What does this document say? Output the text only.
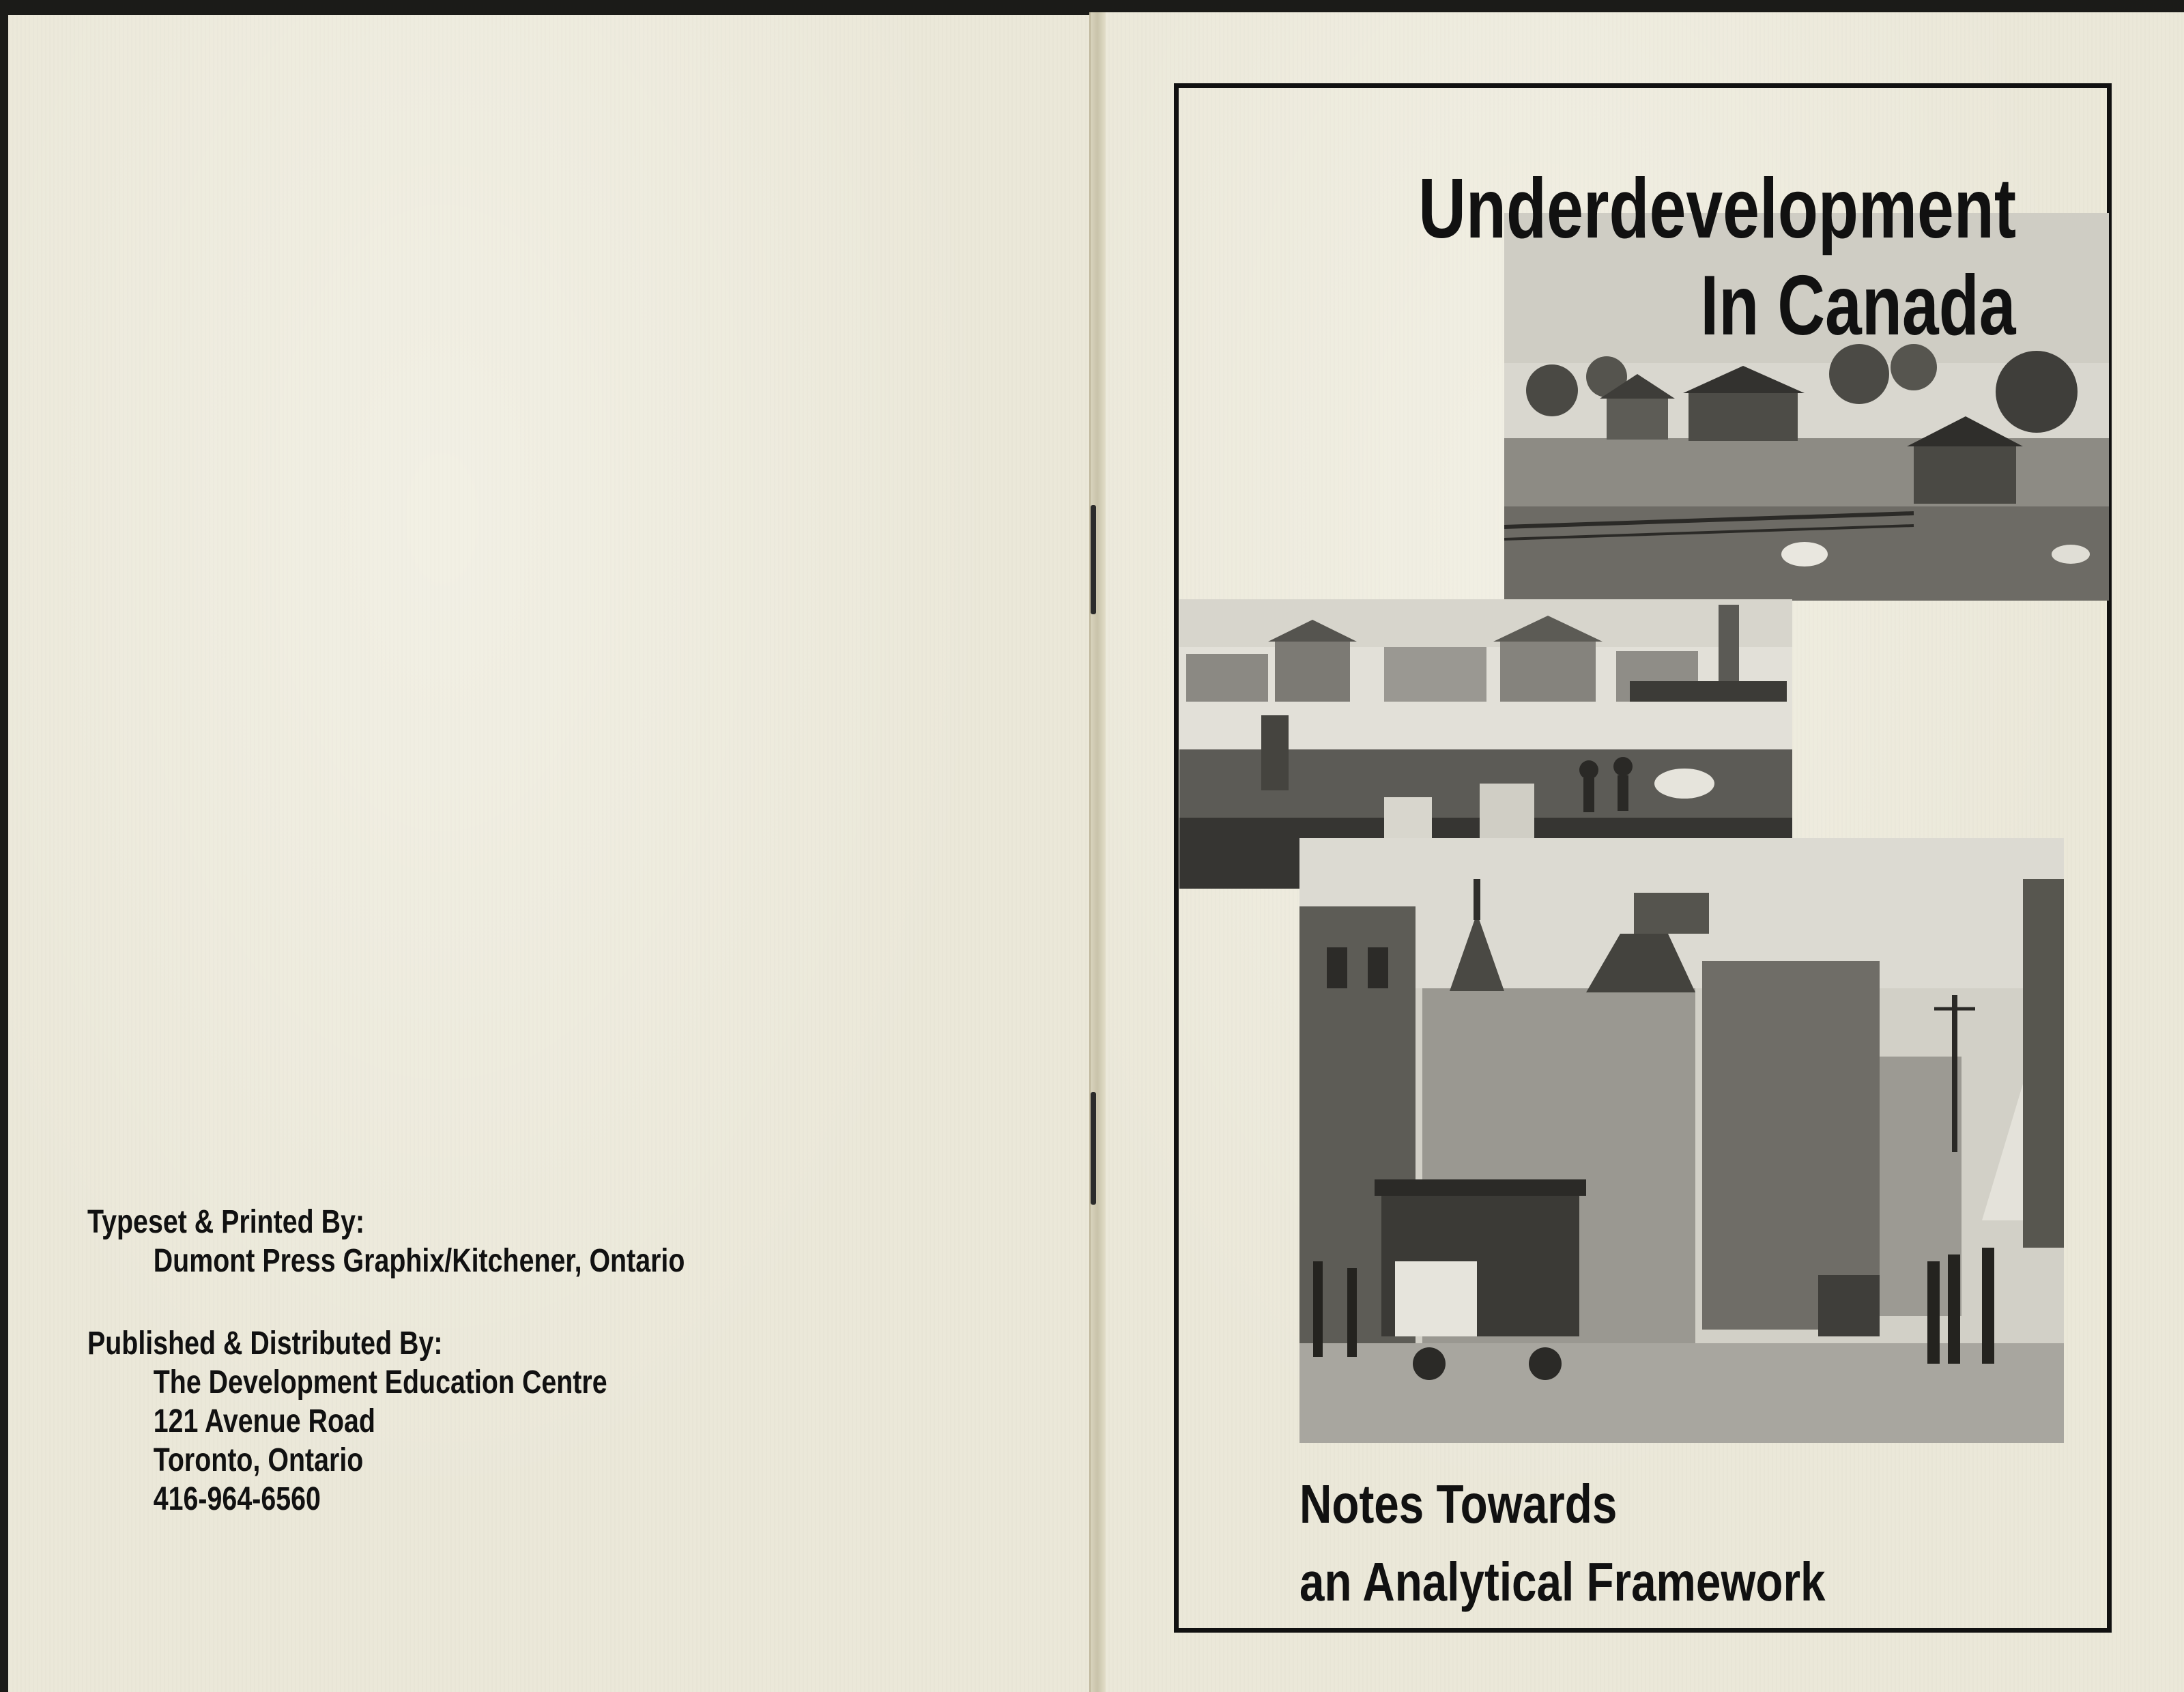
Typeset & Printed By:
Dumont Press Graphix/Kitchener, Ontario
Published & Distributed By:
The Development Education Centre
121 Avenue Road
Toronto, Ontario
416-964-6560
Underdevelopment
In Canada
Notes Towards
an Analytical Framework
